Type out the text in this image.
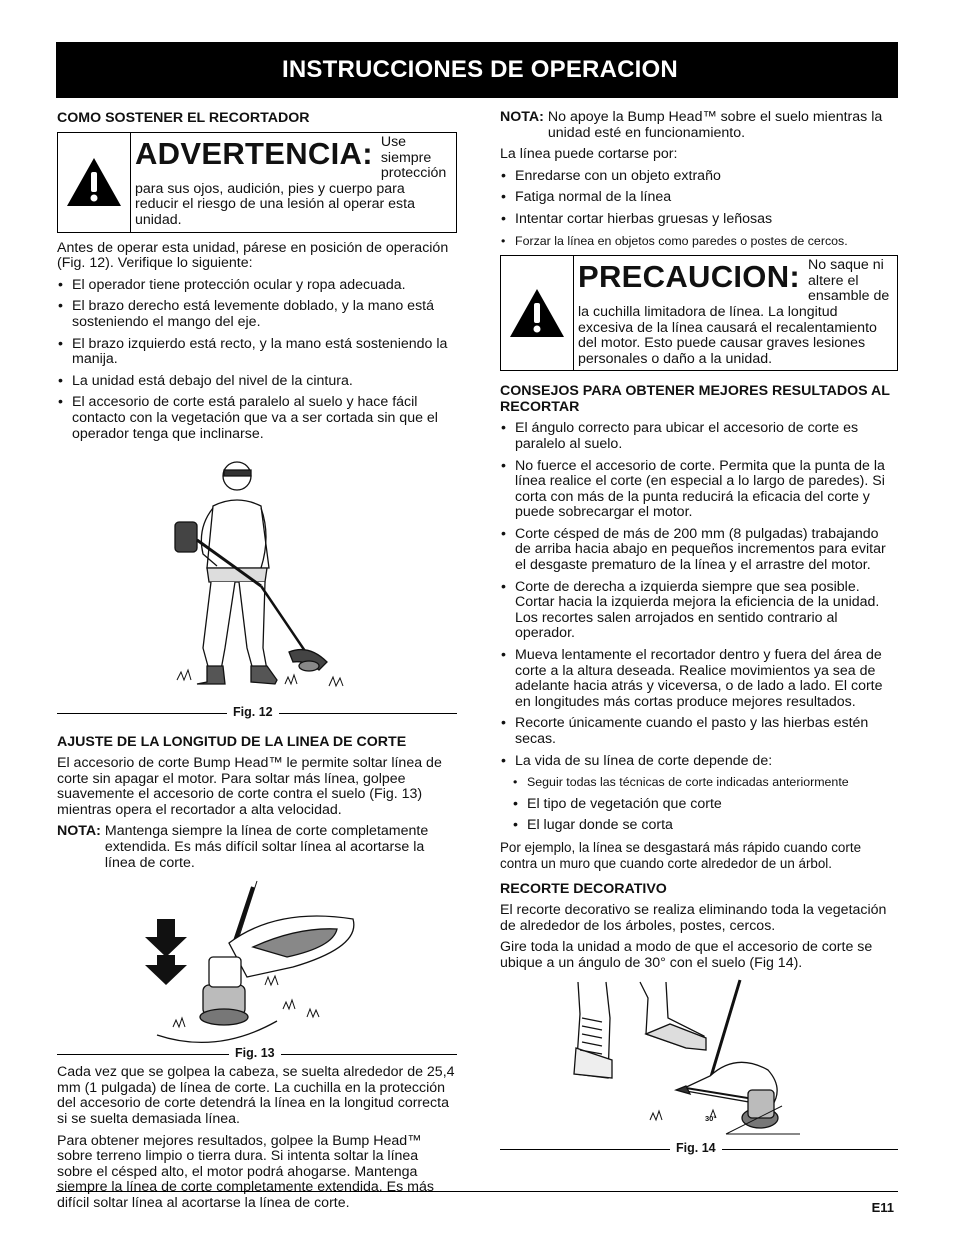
INSTRUCCIONES DE OPERACION
COMO SOSTENER EL RECORTADOR
ADVERTENCIA: Use siempre protección para sus ojos, audición, pies y cuerpo para reducir el riesgo de una lesión al operar esta unidad.

Antes de operar esta unidad, párese en posición de operación (Fig. 12). Verifique lo siguiente:

• El operador tiene protección ocular y ropa adecuada.
• El brazo derecho está levemente doblado, y la mano está sosteniendo el mango del eje.
• El brazo izquierdo está recto, y la mano está sosteniendo la manija.
• La unidad está debajo del nivel de la cintura.
• El accesorio de corte está paralelo al suelo y hace fácil contacto con la vegetación que va a ser cortada sin que el operador tenga que inclinarse.
Fig. 12
AJUSTE DE LA LONGITUD DE LA LINEA DE CORTE

El accesorio de corte Bump Head™ le permite soltar línea de corte sin apagar el motor. Para soltar más línea, golpee suavemente el accesorio de corte contra el suelo (Fig. 13) mientras opera el recortador a alta velocidad.

NOTA: Mantenga siempre la línea de corte completamente extendida. Es más difícil soltar línea al acortarse la línea de corte.
Fig. 13

Cada vez que se golpea la cabeza, se suelta alrededor de 25,4 mm (1 pulgada) de línea de corte. La cuchilla en la protección del accesorio de corte detendrá la línea en la longitud correcta si se suelta demasiada línea.

Para obtener mejores resultados, golpee la Bump Head™ sobre terreno limpio o tierra dura. Si intenta soltar la línea sobre el césped alto, el motor podrá ahogarse. Mantenga siempre la línea de corte completamente extendida. Es más difícil soltar línea al acortarse la línea de corte.

NOTA: No apoye la Bump Head™ sobre el suelo mientras la unidad esté en funcionamiento.

La línea puede cortarse por:

• Enredarse con un objeto extraño
• Fatiga normal de la línea
• Intentar cortar hierbas gruesas y leñosas
• Forzar la línea en objetos como paredes o postes de cercos.
PRECAUCION: No saque ni altere el ensamble de la cuchilla limitadora de línea. La longitud excesiva de la línea causará el recalentamiento del motor. Esto puede causar graves lesiones personales o daño a la unidad.
CONSEJOS PARA OBTENER MEJORES RESULTADOS AL RECORTAR
• El ángulo correcto para ubicar el accesorio de corte es paralelo al suelo.
• No fuerce el accesorio de corte. Permita que la punta de la línea realice el corte (en especial a lo largo de paredes). Si corta con más de la punta reducirá la eficacia del corte y puede sobrecargar el motor.
• Corte césped de más de 200 mm (8 pulgadas) trabajando de arriba hacia abajo en pequeños incrementos para evitar el desgaste prematuro de la línea y el arrastre del motor.
• Corte de derecha a izquierda siempre que sea posible. Cortar hacia la izquierda mejora la eficiencia de la unidad. Los recortes salen arrojados en sentido contrario al operador.
• Mueva lentamente el recortador dentro y fuera del área de corte a la altura deseada. Realice movimientos ya sea de adelante hacia atrás y viceversa, o de lado a lado. El corte en longitudes más cortas produce mejores resultados.
• Recorte únicamente cuando el pasto y las hierbas estén secas.
• La vida de su línea de corte depende de:
• Seguir todas las técnicas de corte indicadas anteriormente
• El tipo de vegetación que corte
• El lugar donde se corta

Por ejemplo, la línea se desgastará más rápido cuando corte contra un muro que cuando corte alrededor de un árbol.

RECORTE DECORATIVO

El recorte decorativo se realiza eliminando toda la vegetación de alrededor de los árboles, postes, cercos.

Gire toda la unidad a modo de que el accesorio de corte se ubique a un ángulo de 30° con el suelo (Fig 14).

30°
Fig. 14
E11
